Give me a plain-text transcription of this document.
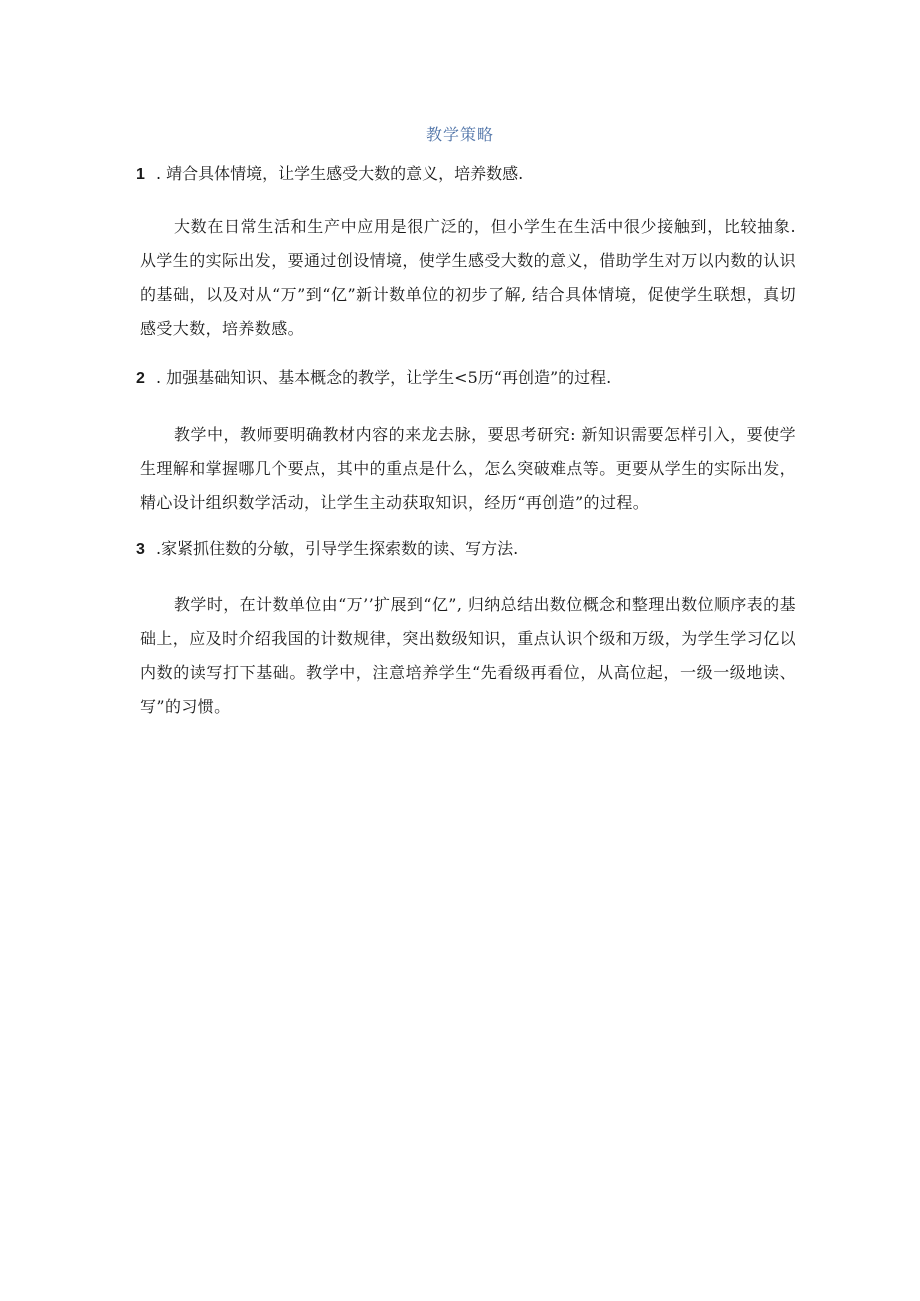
教学策略
1 . 靖合具体情境，让学生感受大数的意义，培养数感.
大数在日常生活和生产中应用是很广泛的，但小学生在生活中很少接触到，比较抽象. 从学生的实际出发，要通过创设情境，使学生感受大数的意义，借助学生对万以内数的认识的基础，以及对从“万”到“亿”新计数单位的初步了解, 结合具体情境，促使学生联想，真切感受大数，培养数感。
2 . 加强基础知识、基本概念的教学，让学生<5历“再创造”的过程.
教学中，教师要明确教材内容的来龙去脉，要思考研究: 新知识需要怎样引入，要使学生理解和掌握哪几个要点，其中的重点是什么，怎么突破难点等。更要从学生的实际出发，精心设计组织数学活动，让学生主动获取知识，经历“再创造”的过程。
3 .家紧抓住数的分敏，引导学生探索数的读、写方法.
教学时，在计数单位由“万’’扩展到“亿”, 归纳总结出数位概念和整理出数位顺序表的基础上，应及时介绍我国的计数规律，突出数级知识，重点认识个级和万级，为学生学习亿以内数的读写打下基础。教学中，注意培养学生“先看级再看位，从高位起，一级一级地读、写”的习惯。
